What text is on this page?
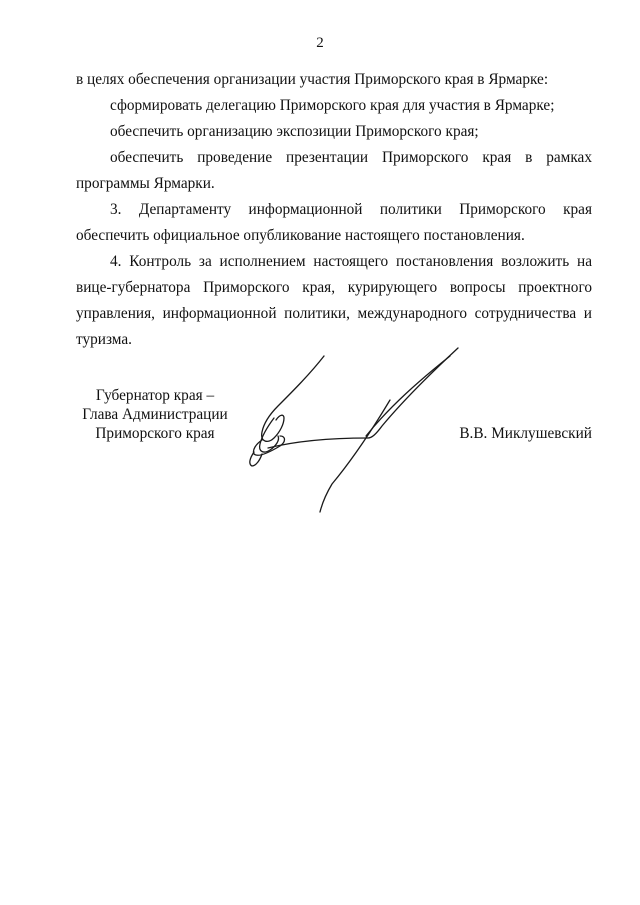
2

в целях обеспечения организации участия Приморского края в Ярмарке:

сформировать делегацию Приморского края для участия в Ярмарке;

обеспечить организацию экспозиции Приморского края;

обеспечить проведение презентации Приморского края в рамках программы Ярмарки.

3. Департаменту информационной политики Приморского края обеспечить официальное опубликование настоящего постановления.

4. Контроль за исполнением настоящего постановления возложить на вице-губернатора Приморского края, курирующего вопросы проектного управления, информационной политики, международного сотрудничества и туризма.

Губернатор края –
Глава Администрации
Приморского края	В.В. Миклушевский
